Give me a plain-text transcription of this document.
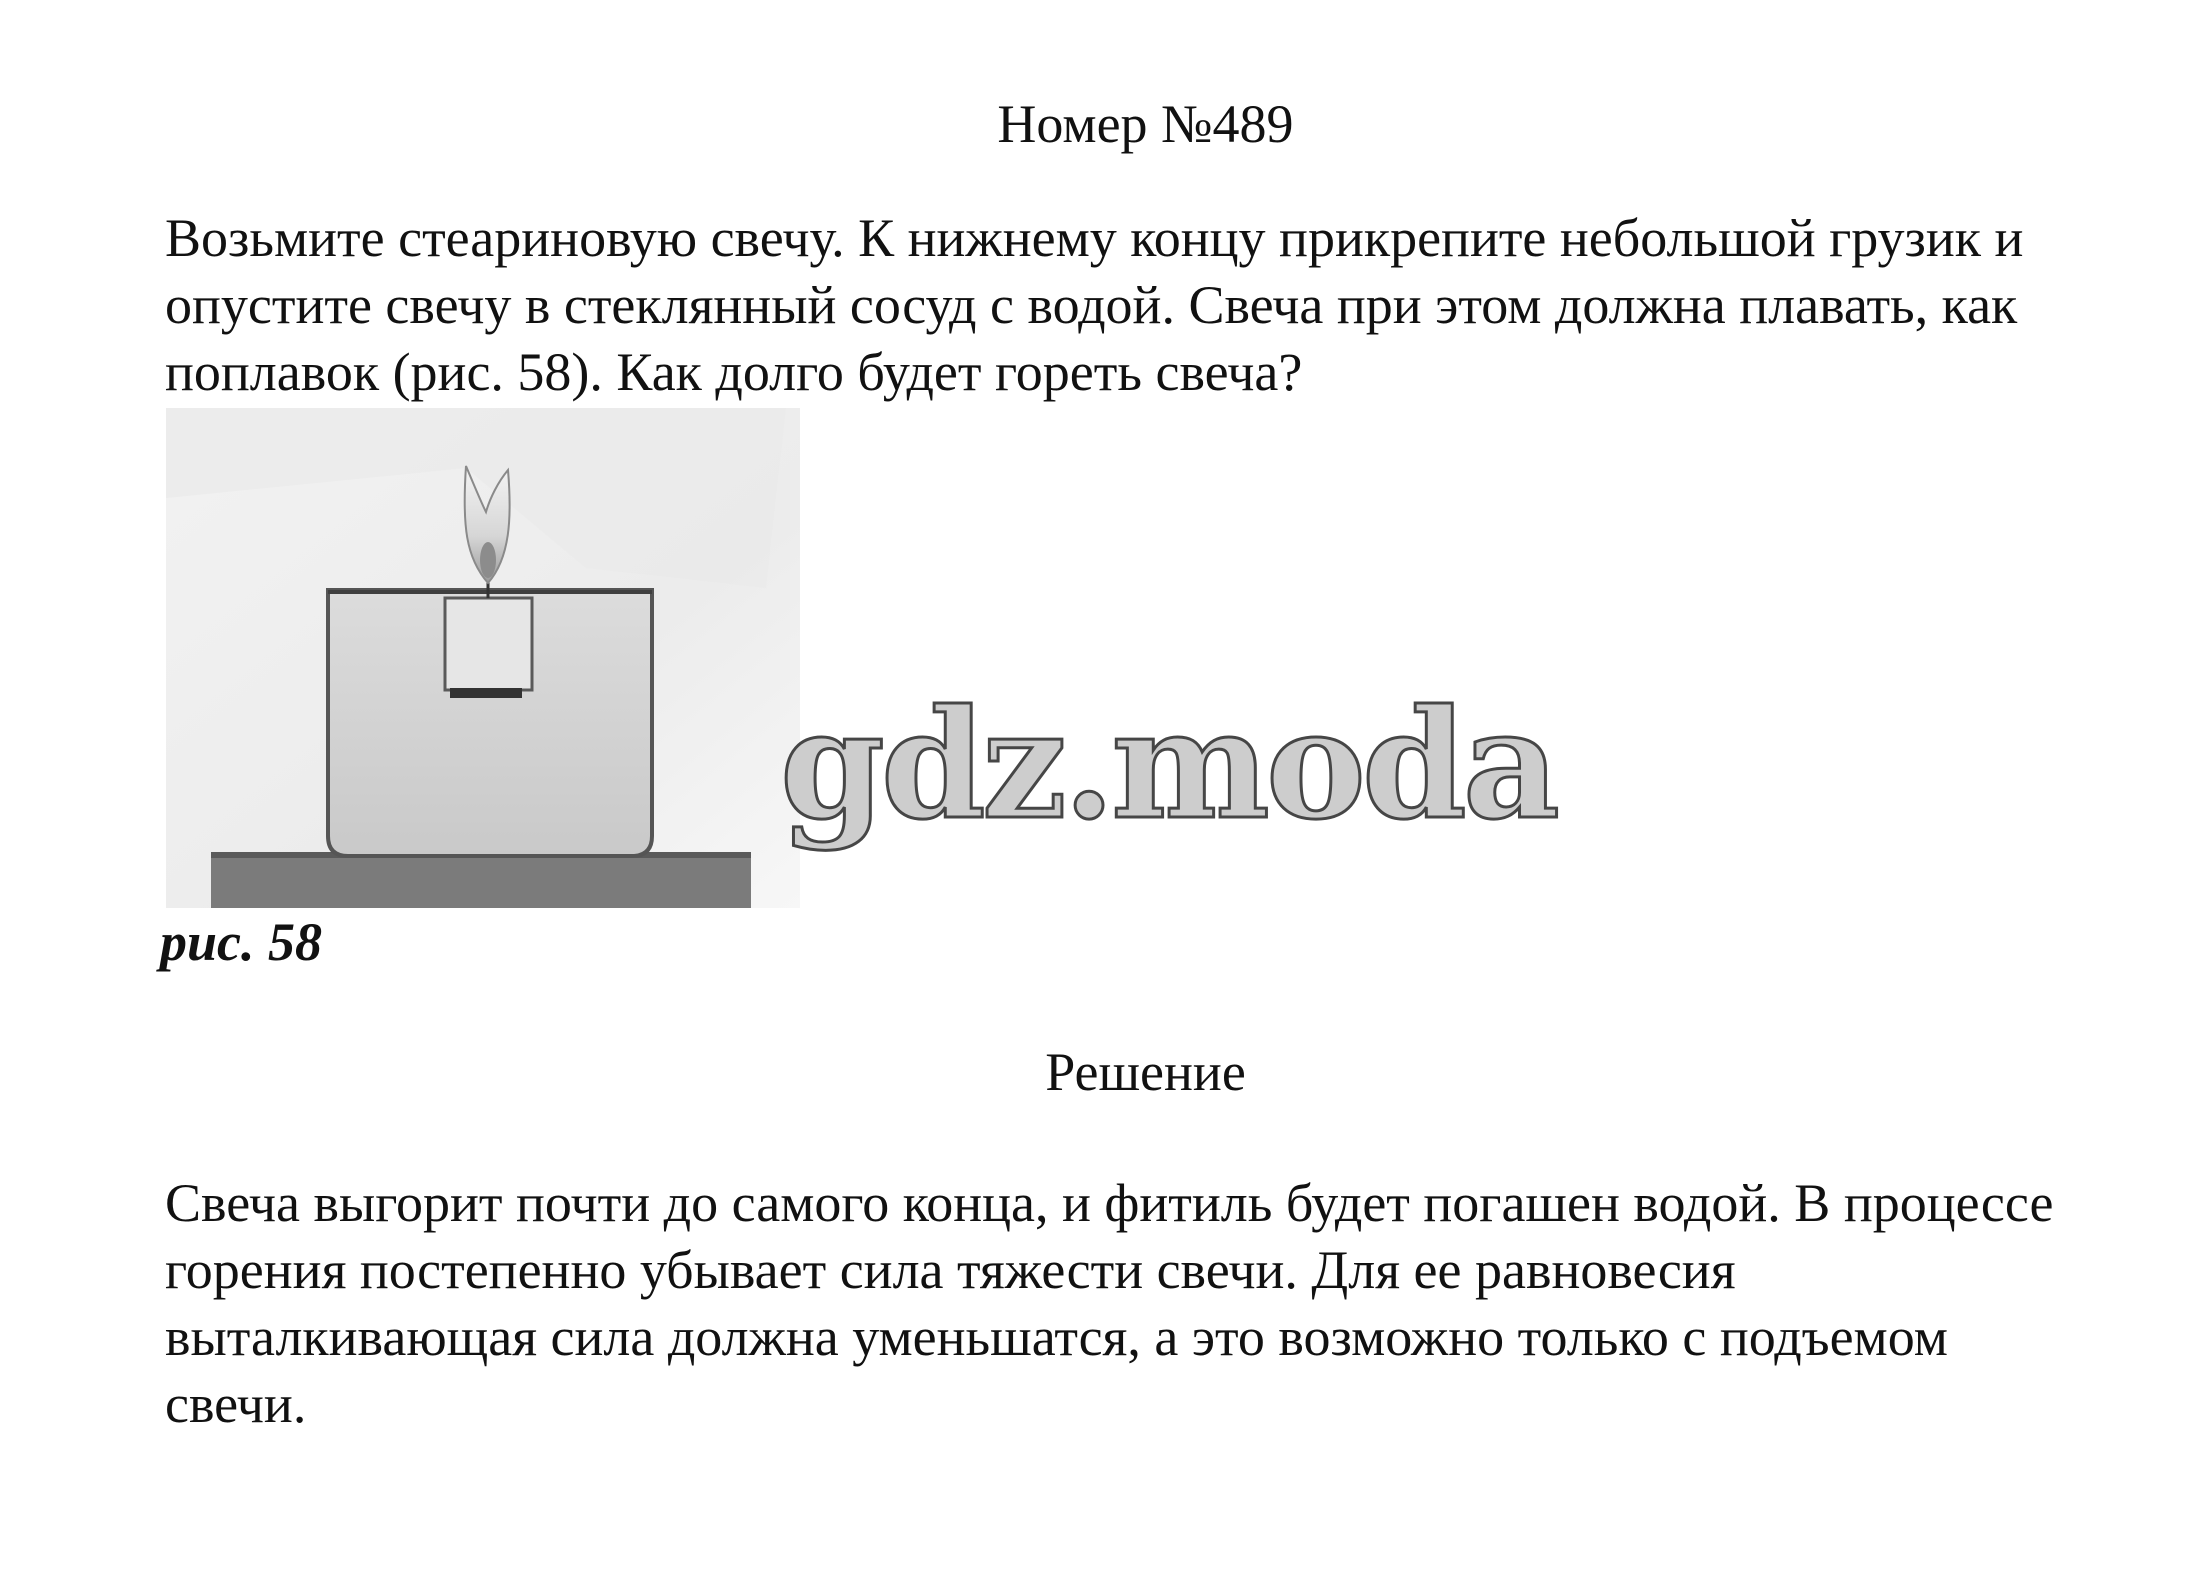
Номер №489

Возьмите стеариновую свечу. К нижнему концу прикрепите небольшой грузик и опустите свечу в стеклянный сосуд с водой. Свеча при этом должна плавать, как поплавок (рис. 58). Как долго будет гореть свеча?

рис. 58
gdz.moda
Решение

Свеча выгорит почти до самого конца, и фитиль будет погашен водой. В процессе горения постепенно убывает сила тяжести свечи. Для ее равновесия выталкивающая сила должна уменьшатся, а это возможно только с подъемом свечи.
